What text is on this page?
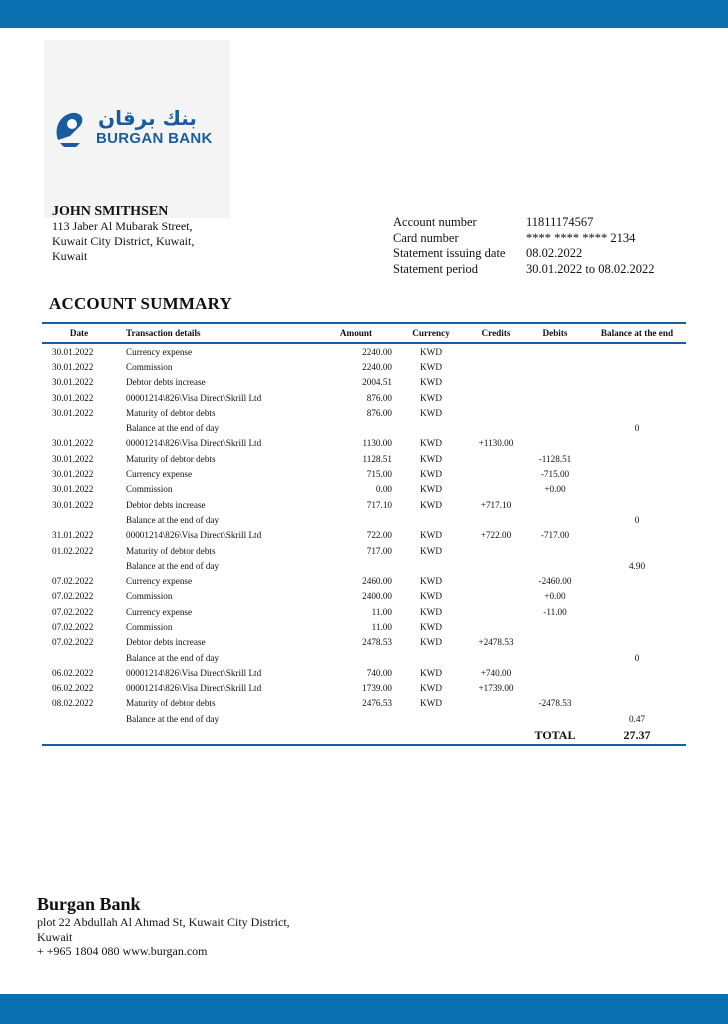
بنك برقان
BURGAN BANK
JOHN SMITHSEN
113 Jaber Al Mubarak Street,
Kuwait City District, Kuwait,
Kuwait
Account number	11811174567
Card number	**** **** **** 2134
Statement issuing date	08.02.2022
Statement period	30.01.2022 to 08.02.2022
ACCOUNT SUMMARY
Date	Transaction details	Amount	Currency	Credits	Debits	Balance at the end
30.01.2022	Currency expense	2240.00	KWD			
30.01.2022	Commission	2240.00	KWD			
30.01.2022	Debtor debts increase	2004.51	KWD			
30.01.2022	00001214\826\Visa Direct\Skrill Ltd	876.00	KWD			
30.01.2022	Maturity of debtor debts	876.00	KWD			
	Balance at the end of day					0
30.01.2022	00001214\826\Visa Direct\Skrill Ltd	1130.00	KWD	+1130.00		
30.01.2022	Maturity of debtor debts	1128.51	KWD		-1128.51	
30.01.2022	Currency expense	715.00	KWD		-715.00	
30.01.2022	Commission	0.00	KWD		+0.00	
30.01.2022	Debtor debts increase	717.10	KWD	+717.10		
	Balance at the end of day					0
31.01.2022	00001214\826\Visa Direct\Skrill Ltd	722.00	KWD	+722.00	-717.00	
01.02.2022	Maturity of debtor debts	717.00	KWD			
	Balance at the end of day					4.90
07.02.2022	Currency expense	2460.00	KWD		-2460.00	
07.02.2022	Commission	2400.00	KWD		+0.00	
07.02.2022	Currency expense	11.00	KWD		-11.00	
07.02.2022	Commission	11.00	KWD			
07.02.2022	Debtor debts increase	2478.53	KWD	+2478.53		
	Balance at the end of day					0
06.02.2022	00001214\826\Visa Direct\Skrill Ltd	740.00	KWD	+740.00		
06.02.2022	00001214\826\Visa Direct\Skrill Ltd	1739.00	KWD	+1739.00		
08.02.2022	Maturity of debtor debts	2476.53	KWD		-2478.53	
	Balance at the end of day					0.47
					TOTAL	27.37
Burgan Bank
plot 22 Abdullah Al Ahmad St, Kuwait City District,
Kuwait
+ +965 1804 080 www.burgan.com
